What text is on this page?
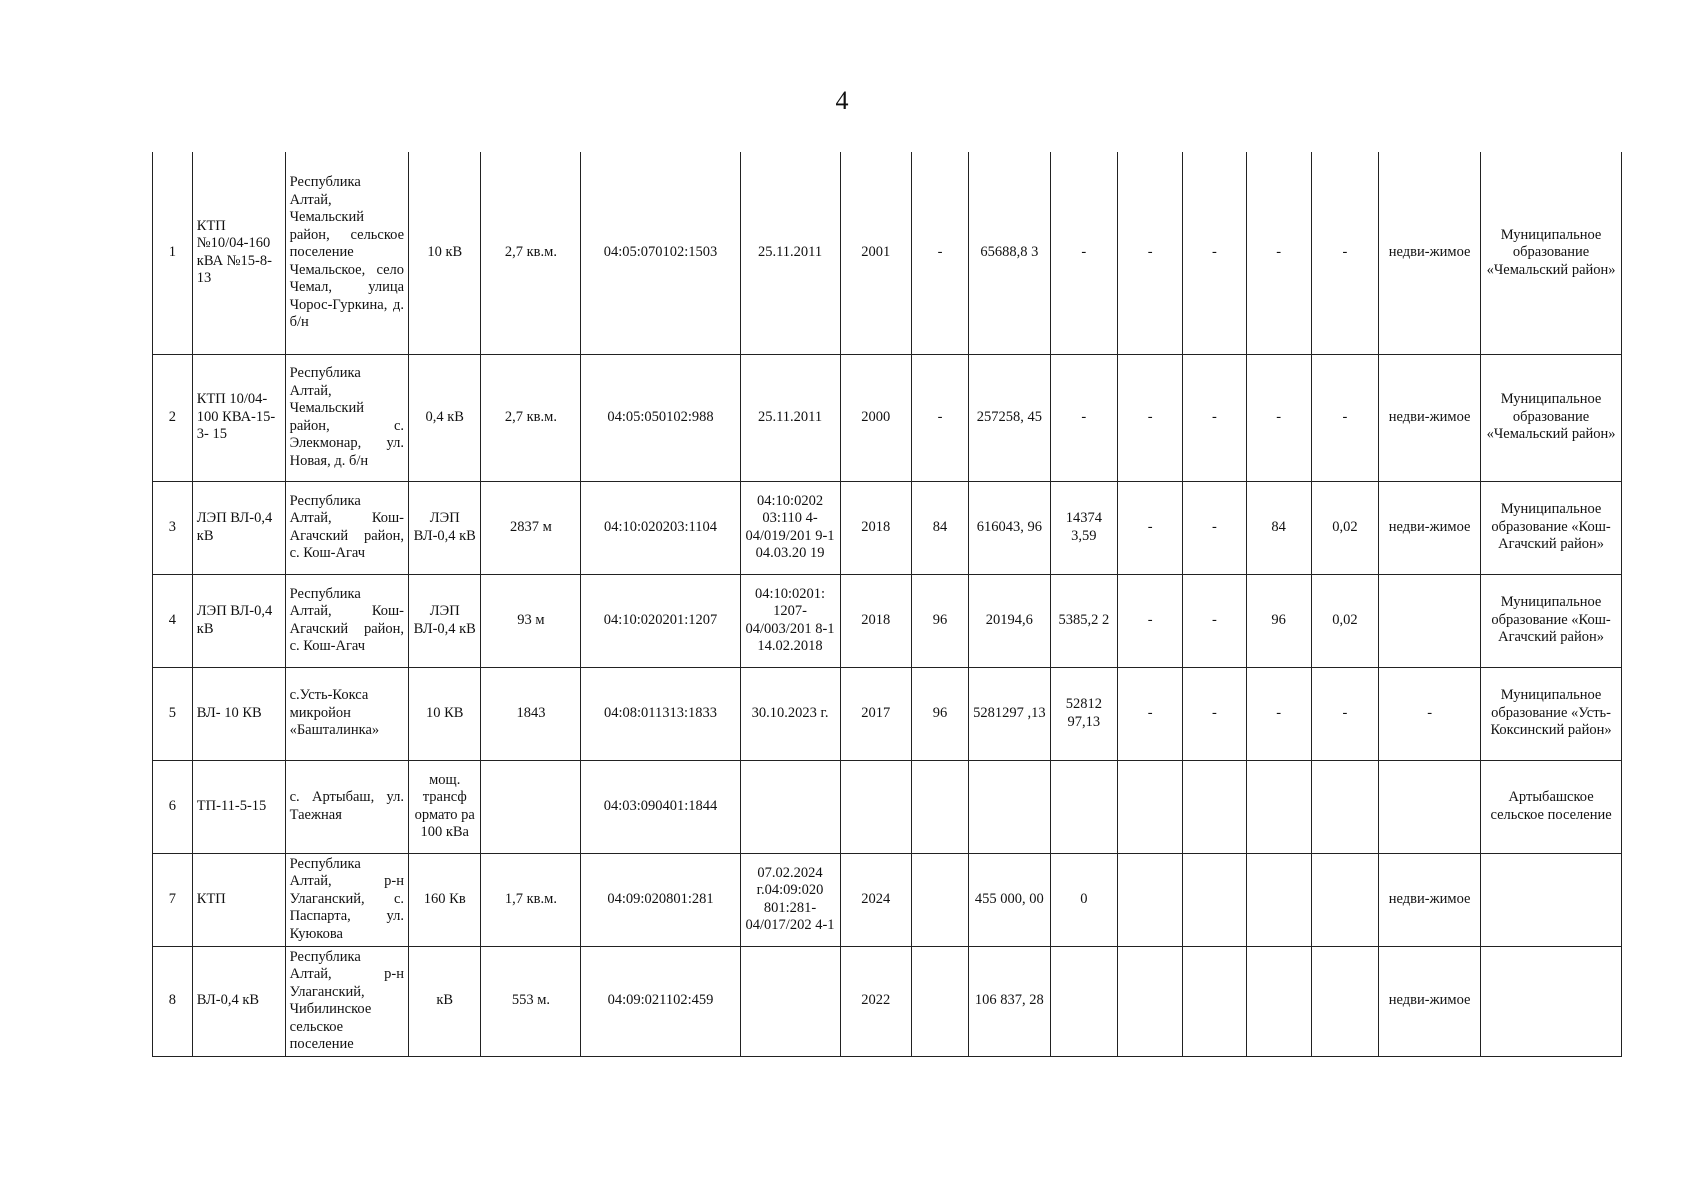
4
1	КТП №10/04-160 кВА №15-8-13	Республика Алтай, Чемальский район, сельское поселение Чемальское, село Чемал, улица Чорос-Гуркина, д. б/н	10 кВ	2,7 кв.м.	04:05:070102:1503	25.11.2011	2001	-	65688,8 3	-	-	-	-	-	недви-жимое	Муниципальное образование «Чемальский район»
2	КТП 10/04-100 КВА-15- 3- 15	Республика Алтай, Чемальский район, с. Элекмонар, ул. Новая, д. б/н	0,4 кВ	2,7 кв.м.	04:05:050102:988	25.11.2011	2000	-	257258, 45	-	-	-	-	-	недви-жимое	Муниципальное образование «Чемальский район»
3	ЛЭП ВЛ-0,4 кВ	Республика Алтай, Кош-Агачский район, с. Кош-Агач	ЛЭП ВЛ-0,4 кВ	2837 м	04:10:020203:1104	04:10:0202 03:110 4-04/019/201 9-1 04.03.20 19	2018	84	616043, 96	14374 3,59	-	-	84	0,02	недви-жимое	Муниципальное образование «Кош-Агачский район»
4	ЛЭП ВЛ-0,4 кВ	Республика Алтай, Кош-Агачский район, с. Кош-Агач	ЛЭП ВЛ-0,4 кВ	93 м	04:10:020201:1207	04:10:0201: 1207-04/003/201 8-1 14.02.2018	2018	96	20194,6	5385,2 2	-	-	96	0,02		Муниципальное образование «Кош-Агачский район»
5	ВЛ- 10 КВ	с.Усть-Кокса микройон «Башталинка»	10 КВ	1843	04:08:011313:1833	30.10.2023 г.	2017	96	5281297 ,13	52812 97,13	-	-	-	-	-	Муниципальное образование «Усть-Коксинский район»
6	ТП-11-5-15	с. Артыбаш, ул. Таежная	мощ. трансф ормато ра 100 кВа		04:03:090401:1844											Артыбашское сельское поселение
7	КТП	Республика Алтай, р-н Улаганский, с. Паспарта, ул. Куюкова	160 Кв	1,7 кв.м.	04:09:020801:281	07.02.2024 г.04:09:020 801:281-04/017/202 4-1	2024		455 000, 00	0					недви-жимое	
8	ВЛ-0,4 кВ	Республика Алтай, р-н Улаганский, Чибилинское сельское поселение	кВ	553 м.	04:09:021102:459		2022		106 837, 28						недви-жимое	
